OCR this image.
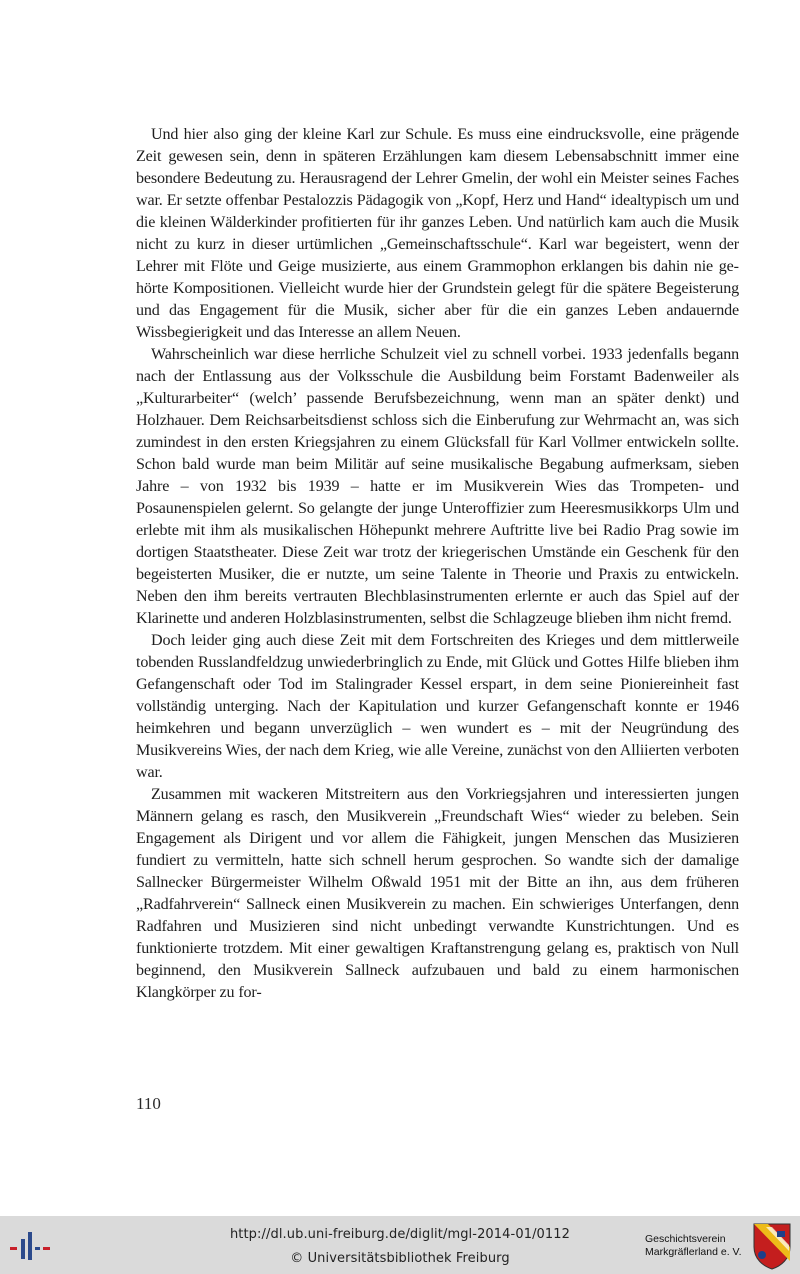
Und hier also ging der kleine Karl zur Schule. Es muss eine eindrucksvolle, eine prägende Zeit gewesen sein, denn in späteren Erzählungen kam diesem Lebensabschnitt immer eine besondere Bedeutung zu. Herausragend der Lehrer Gmelin, der wohl ein Meister seines Faches war. Er setzte offenbar Pestalozzis Pädagogik von „Kopf, Herz und Hand“ idealtypisch um und die kleinen Wälderkinder profitierten für ihr ganzes Leben. Und natürlich kam auch die Musik nicht zu kurz in dieser urtümlichen „Gemeinschaftsschule“. Karl war begeistert, wenn der Lehrer mit Flöte und Geige musizierte, aus einem Grammophon erklangen bis dahin nie gehörte Kompositionen. Vielleicht wurde hier der Grundstein gelegt für die spätere Begeisterung und das Engagement für die Musik, sicher aber für die ein ganzes Leben andauernde Wissbegierigkeit und das Interesse an allem Neuen.

Wahrscheinlich war diese herrliche Schulzeit viel zu schnell vorbei. 1933 jedenfalls begann nach der Entlassung aus der Volksschule die Ausbildung beim Forstamt Badenweiler als „Kulturarbeiter“ (welch’ passende Berufsbezeichnung, wenn man an später denkt) und Holzhauer. Dem Reichsarbeitsdienst schloss sich die Einberufung zur Wehrmacht an, was sich zumindest in den ersten Kriegsjahren zu einem Glücksfall für Karl Vollmer entwickeln sollte. Schon bald wurde man beim Militär auf seine musikalische Begabung aufmerksam, sieben Jahre – von 1932 bis 1939 – hatte er im Musikverein Wies das Trompeten- und Posaunenspielen gelernt. So gelangte der junge Unteroffizier zum Heeresmusikkorps Ulm und erlebte mit ihm als musikalischen Höhepunkt mehrere Auftritte live bei Radio Prag sowie im dortigen Staatstheater. Diese Zeit war trotz der kriegerischen Umstände ein Geschenk für den begeisterten Musiker, die er nutzte, um seine Talente in Theorie und Praxis zu entwickeln. Neben den ihm bereits vertrauten Blechblasinstrumenten erlernte er auch das Spiel auf der Klarinette und anderen Holzblasinstrumenten, selbst die Schlagzeuge blieben ihm nicht fremd.

Doch leider ging auch diese Zeit mit dem Fortschreiten des Krieges und dem mittlerweile tobenden Russlandfeldzug unwiederbringlich zu Ende, mit Glück und Gottes Hilfe blieben ihm Gefangenschaft oder Tod im Stalingrader Kessel erspart, in dem seine Pioniereinheit fast vollständig unterging. Nach der Kapitulation und kurzer Gefangenschaft konnte er 1946 heimkehren und begann unverzüglich – wen wundert es – mit der Neugründung des Musikvereins Wies, der nach dem Krieg, wie alle Vereine, zunächst von den Alliierten verboten war.

Zusammen mit wackeren Mitstreitern aus den Vorkriegsjahren und interessierten jungen Männern gelang es rasch, den Musikverein „Freundschaft Wies“ wieder zu beleben. Sein Engagement als Dirigent und vor allem die Fähigkeit, jungen Menschen das Musizieren fundiert zu vermitteln, hatte sich schnell herum gesprochen. So wandte sich der damalige Sallnecker Bürgermeister Wilhelm Oßwald 1951 mit der Bitte an ihn, aus dem früheren „Radfahrverein“ Sallneck einen Musikverein zu machen. Ein schwieriges Unterfangen, denn Radfahren und Musizieren sind nicht unbedingt verwandte Kunstrichtungen. Und es funktionierte trotzdem. Mit einer gewaltigen Kraftanstrengung gelang es, praktisch von Null beginnend, den Musikverein Sallneck aufzubauen und bald zu einem harmonischen Klangkörper zu for-

110
http://dl.ub.uni-freiburg.de/diglit/mgl-2014-01/0112
© Universitätsbibliothek Freiburg
Geschichtsverein
Markgräflerland e. V.
